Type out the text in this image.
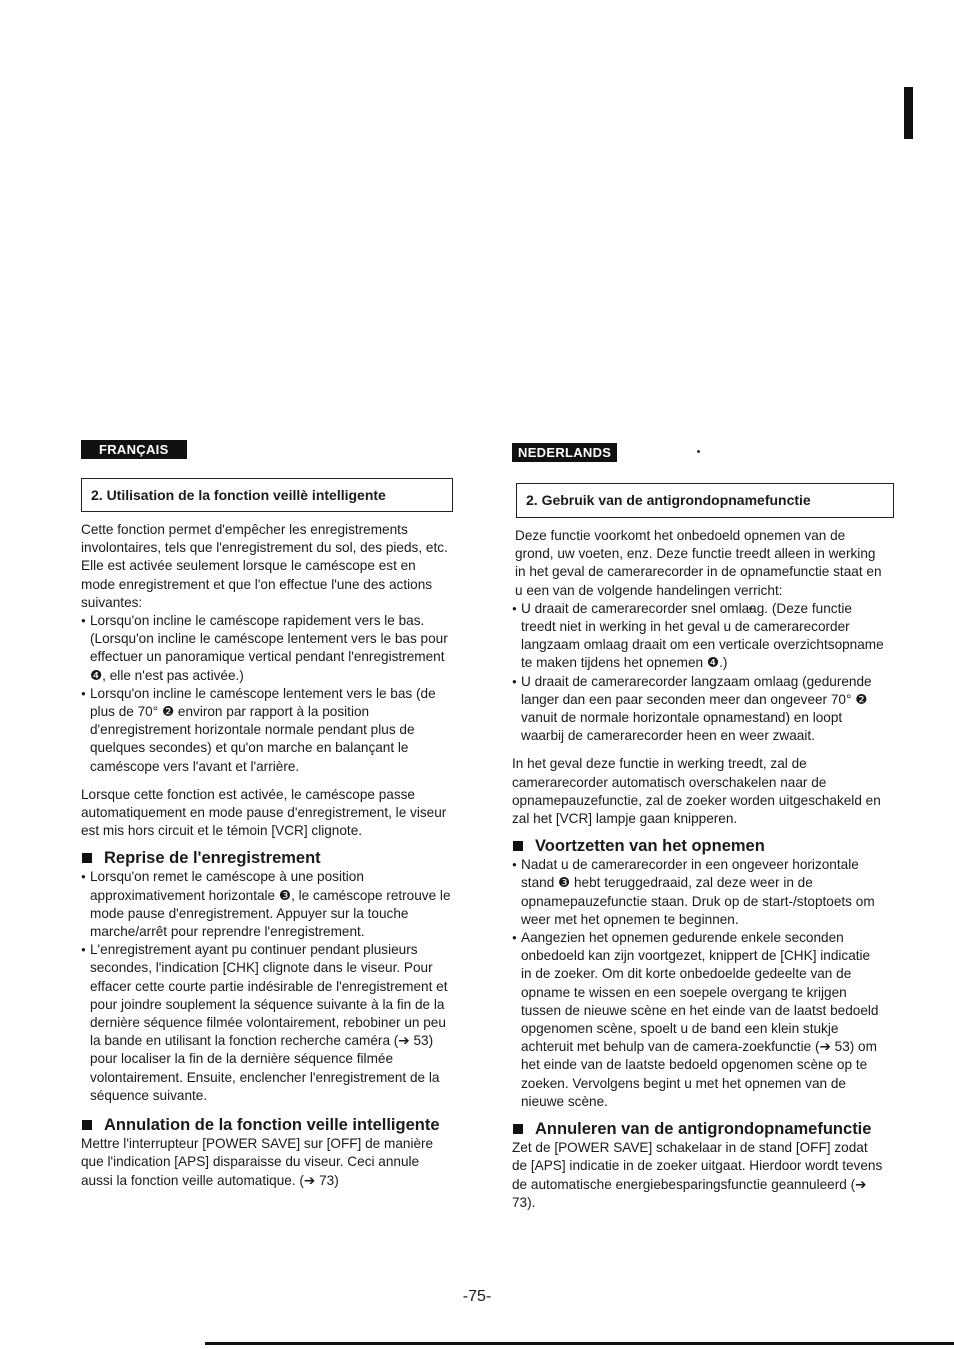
FRANÇAIS
2. Utilisation de la fonction veillè intelligente

Cette fonction permet d'empêcher les enregistrements involontaires, tels que l'enregistrement du sol, des pieds, etc. Elle est activée seulement lorsque le caméscope est en mode enregistrement et que l'on effectue l'une des actions suivantes:

● Lorsqu'on incline le caméscope rapidement vers le bas. (Lorsqu'on incline le caméscope lentement vers le bas pour effectuer un panoramique vertical pendant l'enregistrement ❹, elle n'est pas activée.)
● Lorsqu'on incline le caméscope lentement vers le bas (de plus de 70° ❷ environ par rapport à la position d'enregistrement horizontale normale pendant plus de quelques secondes) et qu'on marche en balançant le caméscope vers l'avant et l'arrière.

Lorsque cette fonction est activée, le caméscope passe automatiquement en mode pause d'enregistrement, le viseur est mis hors circuit et le témoin [VCR] clignote.

Reprise de l'enregistrement
● Lorsqu'on remet le caméscope à une position approximativement horizontale ❸, le caméscope retrouve le mode pause d'enregistrement. Appuyer sur la touche marche/arrêt pour reprendre l'enregistrement.
● L'enregistrement ayant pu continuer pendant plusieurs secondes, l'indication [CHK] clignote dans le viseur. Pour effacer cette courte partie indésirable de l'enregistrement et pour joindre souplement la séquence suivante à la fin de la dernière séquence filmée volontairement, rebobiner un peu la bande en utilisant la fonction recherche caméra (➔ 53) pour localiser la fin de la dernière séquence filmée volontairement. Ensuite, enclencher l'enregistrement de la séquence suivante.
Annulation de la fonction veille intelligente

Mettre l'interrupteur [POWER SAVE] sur [OFF] de manière que l'indication [APS] disparaisse du viseur. Ceci annule aussi la fonction veille automatique. (➔ 73)

NEDERLANDS
2. Gebruik van de antigrondopnamefunctie

Deze functie voorkomt het onbedoeld opnemen van de grond, uw voeten, enz. Deze functie treedt alleen in werking in het geval de camerarecorder in de opnamefunctie staat en u een van de volgende handelingen verricht:

● U draait de camerarecorder snel omlaag. (Deze functie treedt niet in werking in het geval u de camerarecorder langzaam omlaag draait om een verticale overzichtsopname te maken tijdens het opnemen ❹.)
● U draait de camerarecorder langzaam omlaag (gedurende langer dan een paar seconden meer dan ongeveer 70° ❷ vanuit de normale horizontale opnamestand) en loopt waarbij de camerarecorder heen en weer zwaait.

In het geval deze functie in werking treedt, zal de camerarecorder automatisch overschakelen naar de opnamepauzefunctie, zal de zoeker worden uitgeschakeld en zal het [VCR] lampje gaan knipperen.

Voortzetten van het opnemen
● Nadat u de camerarecorder in een ongeveer horizontale stand ❸ hebt teruggedraaid, zal deze weer in de opnamepauzefunctie staan. Druk op de start-/stoptoets om weer met het opnemen te beginnen.
● Aangezien het opnemen gedurende enkele seconden onbedoeld kan zijn voortgezet, knippert de [CHK] indicatie in de zoeker. Om dit korte onbedoelde gedeelte van de opname te wissen en een soepele overgang te krijgen tussen de nieuwe scène en het einde van de laatst bedoeld opgenomen scène, spoelt u de band een klein stukje achteruit met behulp van de camera-zoekfunctie (➔ 53) om het einde van de laatste bedoeld opgenomen scène op te zoeken. Vervolgens begint u met het opnemen van de nieuwe scène.
Annuleren van de antigrondopnamefunctie

Zet de [POWER SAVE] schakelaar in de stand [OFF] zodat de [APS] indicatie in de zoeker uitgaat. Hierdoor wordt tevens de automatische energiebesparingsfunctie geannuleerd (➔ 73).

-75-
